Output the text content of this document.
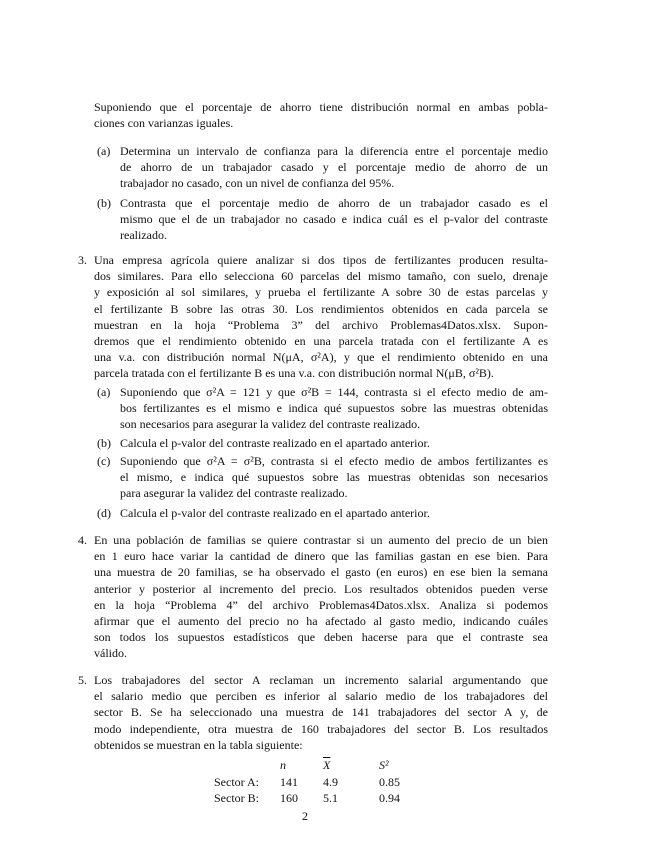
Suponiendo que el porcentaje de ahorro tiene distribución normal en ambas pobla-
ciones con varianzas iguales.
(a) Determina un intervalo de confianza para la diferencia entre el porcentaje medio
de ahorro de un trabajador casado y el porcentaje medio de ahorro de un
trabajador no casado, con un nivel de confianza del 95%.
(b) Contrasta que el porcentaje medio de ahorro de un trabajador casado es el
mismo que el de un trabajador no casado e indica cuál es el p-valor del contraste
realizado.
3. Una empresa agrícola quiere analizar si dos tipos de fertilizantes producen resulta-
dos similares. Para ello selecciona 60 parcelas del mismo tamaño, con suelo, drenaje
y exposición al sol similares, y prueba el fertilizante A sobre 30 de estas parcelas y
el fertilizante B sobre las otras 30. Los rendimientos obtenidos en cada parcela se
muestran en la hoja “Problema 3” del archivo Problemas4Datos.xlsx. Supon-
dremos que el rendimiento obtenido en una parcela tratada con el fertilizante A es
una v.a. con distribución normal N(μA, σ²A), y que el rendimiento obtenido en una
parcela tratada con el fertilizante B es una v.a. con distribución normal N(μB, σ²B).
(a) Suponiendo que σ²A = 121 y que σ²B = 144, contrasta si el efecto medio de am-
bos fertilizantes es el mismo e indica qué supuestos sobre las muestras obtenidas
son necesarios para asegurar la validez del contraste realizado.
(b) Calcula el p-valor del contraste realizado en el apartado anterior.
(c) Suponiendo que σ²A = σ²B, contrasta si el efecto medio de ambos fertilizantes es
el mismo, e indica qué supuestos sobre las muestras obtenidas son necesarios
para asegurar la validez del contraste realizado.
(d) Calcula el p-valor del contraste realizado en el apartado anterior.
4. En una población de familias se quiere contrastar si un aumento del precio de un bien
en 1 euro hace variar la cantidad de dinero que las familias gastan en ese bien. Para
una muestra de 20 familias, se ha observado el gasto (en euros) en ese bien la semana
anterior y posterior al incremento del precio. Los resultados obtenidos pueden verse
en la hoja “Problema 4” del archivo Problemas4Datos.xlsx. Analiza si podemos
afirmar que el aumento del precio no ha afectado al gasto medio, indicando cuáles
son todos los supuestos estadísticos que deben hacerse para que el contraste sea
válido.
5. Los trabajadores del sector A reclaman un incremento salarial argumentando que
el salario medio que perciben es inferior al salario medio de los trabajadores del
sector B. Se ha seleccionado una muestra de 141 trabajadores del sector A y, de
modo independiente, otra muestra de 160 trabajadores del sector B. Los resultados
obtenidos se muestran en la tabla siguiente:
	n	$\overline{X}$	S²
Sector A:	141	4.9	0.85
Sector B:	160	5.1	0.94
2
